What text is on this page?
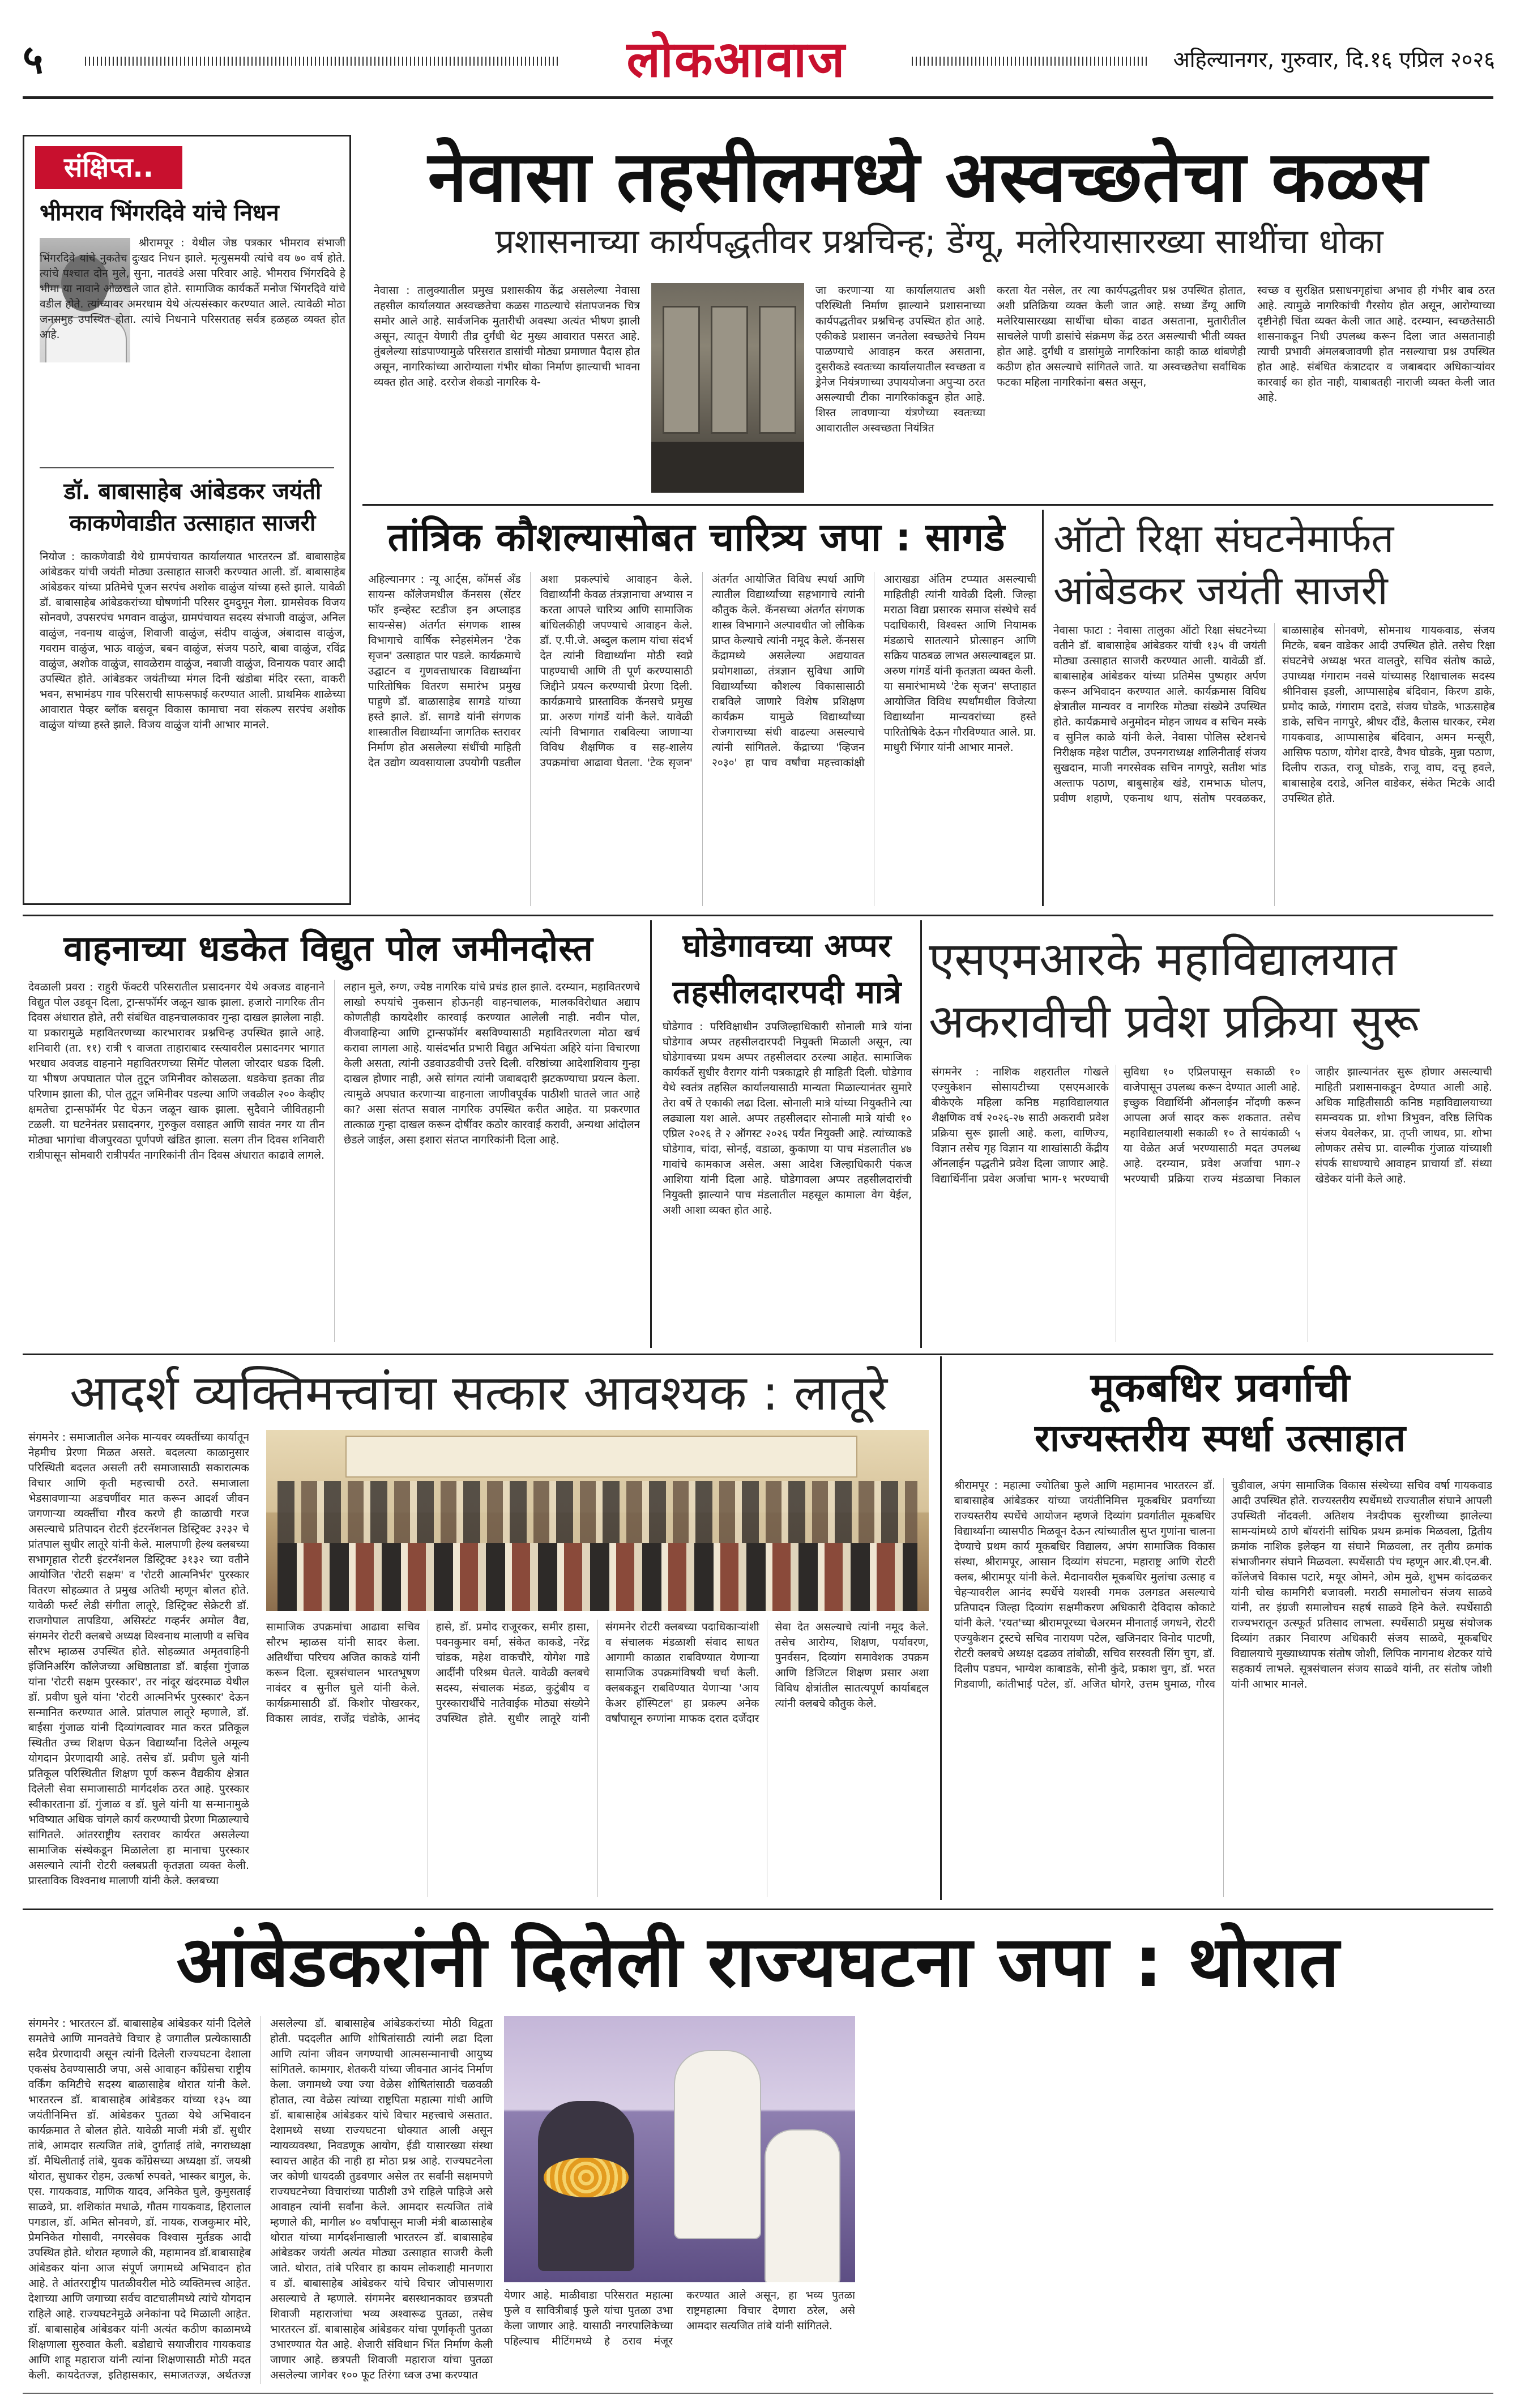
५	लोकआवाज	अहिल्यानगर, गुरुवार, दि.१६ एप्रिल २०२६
संक्षिप्त..
भीमराव भिंगरदिवे यांचे निधन
श्रीरामपूर : येथील जेष्ठ पत्रकार भीमराव संभाजी भिंगरदिवे यांचे नुकतेच दुःखद निधन झाले. मृत्युसमयी त्यांचे वय ७० वर्ष होते. त्यांचे पश्चात दोन मुले, सुना, नातवंडे असा परिवार आहे. भीमराव भिंगरदिवे हे भीमा या नावाने ओळखले जात होते. सामाजिक कार्यकर्ते मनोज भिंगरदिवे यांचे वडील होते. त्यांच्यावर अमरधाम येथे अंत्यसंस्कार करण्यात आले. त्यावेळी मोठा जनसमुह उपस्थित होता. त्यांचे निधनाने परिसरातह सर्वत्र हळहळ व्यक्त होत आहे.
डॉ. बाबासाहेब आंबेडकर जयंती काकणेवाडीत उत्साहात साजरी
नियोज : काकणेवाडी येथे ग्रामपंचायत कार्यालयात भारतरत्न डॉ. बाबासाहेब आंबेडकर यांची जयंती मोठ्या उत्साहात साजरी करण्यात आली. डॉ. बाबासाहेब आंबेडकर यांच्या प्रतिमेचे पूजन सरपंच अशोक वाळुंज यांच्या हस्ते झाले. यावेळी डॉ. बाबासाहेब आंबेडकरांच्या घोषणांनी परिसर दुमदुमून गेला. ग्रामसेवक विजय सोनवणे, उपसरपंच भगवान वाळुंज, ग्रामपंचायत सदस्य संभाजी वाळुंज, अनिल वाळुंज, नवनाथ वाळुंज, शिवाजी वाळुंज, संदीप वाळुंज, अंबादास वाळुंज, गवराम वाळुंज, भाऊ वाळुंज, बबन वाळुंज, संजय पठारे, बाबा वाळुंज, रविंद्र वाळुंज, अशोक वाळुंज, सावळेराम वाळुंज, नबाजी वाळुंज, विनायक पवार आदी उपस्थित होते. आंबेडकर जयंतीच्या मंगल दिनी खंडोबा मंदिर रस्ता, वाकरी भवन, सभामंडप गाव परिसराची साफसफाई करण्यात आली. प्राथमिक शाळेच्या आवारात पेव्हर ब्लॉक बसवून विकास कामाचा नवा संकल्प सरपंच अशोक वाळुंज यांच्या हस्ते झाले. विजय वाळुंज यांनी आभार मानले.
नेवासा तहसीलमध्ये अस्वच्छतेचा कळस
प्रशासनाच्या कार्यपद्धतीवर प्रश्नचिन्ह; डेंग्यू, मलेरियासारख्या साथींचा धोका
नेवासा : तालुक्यातील प्रमुख प्रशासकीय केंद्र असलेल्या नेवासा तहसील कार्यालयात अस्वच्छतेचा कळस गाठल्याचे संतापजनक चित्र समोर आले आहे. सार्वजनिक मुतारीची अवस्था अत्यंत भीषण झाली असून, त्यातून येणारी तीव्र दुर्गंधी थेट मुख्य आवारात पसरत आहे. तुंबलेल्या सांडपाण्यामुळे परिसरात डासांची मोठ्या प्रमाणात पैदास होत असून, नागरिकांच्या आरोग्याला गंभीर धोका निर्माण झाल्याची भावना व्यक्त होत आहे. दररोज शेकडो नागरिक ये-
जा करणाऱ्या या कार्यालयातच अशी परिस्थिती निर्माण झाल्याने प्रशासनाच्या कार्यपद्धतीवर प्रश्नचिन्ह उपस्थित होत आहे. एकीकडे प्रशासन जनतेला स्वच्छतेचे नियम पाळण्याचे आवाहन करत असताना, दुसरीकडे स्वतःच्या कार्यालयातील स्वच्छता व ड्रेनेज नियंत्रणाच्या उपाययोजना अपुऱ्या ठरत असल्याची टीका नागरिकांकडून होत आहे. शिस्त लावणाऱ्या यंत्रणेच्या स्वतःच्या आवारातील अस्वच्छता नियंत्रित
करता येत नसेल, तर त्या कार्यपद्धतीवर प्रश्न उपस्थित होतात, अशी प्रतिक्रिया व्यक्त केली जात आहे. सध्या डेंग्यू आणि मलेरियासारख्या साथींचा धोका वाढत असताना, मुतारीतील साचलेले पाणी डासांचे संक्रमण केंद्र ठरत असल्याची भीती व्यक्त होत आहे. दुर्गंधी व डासांमुळे नागरिकांना काही काळ थांबणेही कठीण होत असल्याचे सांगितले जाते. या अस्वच्छतेचा सर्वाधिक फटका महिला नागरिकांना बसत असून,
स्वच्छ व सुरक्षित प्रसाधनगृहांचा अभाव ही गंभीर बाब ठरत आहे. त्यामुळे नागरिकांची गैरसोय होत असून, आरोग्याच्या दृष्टीनेही चिंता व्यक्त केली जात आहे. दरम्यान, स्वच्छतेसाठी शासनाकडून निधी उपलब्ध करून दिला जात असतानाही त्याची प्रभावी अंमलबजावणी होत नसल्याचा प्रश्न उपस्थित होत आहे. संबंधित कंत्राटदार व जबाबदार अधिकाऱ्यांवर कारवाई का होत नाही, याबाबतही नाराजी व्यक्त केली जात आहे.
तांत्रिक कौशल्यासोबत चारित्र्य जपा : सागडे
अहिल्यानगर : न्यू आर्ट्स, कॉमर्स अँड सायन्स कॉलेजमधील कॅनसस (सेंटर फॉर इन्व्हेस्ट स्टडीज इन अप्लाइड सायन्सेस) अंतर्गत संगणक शास्त्र विभागाचे वार्षिक स्नेहसंमेलन 'टेक सृजन' उत्साहात पार पडले. कार्यक्रमाचे उद्घाटन व गुणवत्ताधारक विद्यार्थ्यांना पारितोषिक वितरण समारंभ प्रमुख पाहुणे डॉ. बाळासाहेब सागडे यांच्या हस्ते झाले. डॉ. सागडे यांनी संगणक शास्त्रातील विद्यार्थ्यांना जागतिक स्तरावर निर्माण होत असलेल्या संधींची माहिती देत उद्योग व्यवसायाला उपयोगी पडतील अशा प्रकल्पांचे आवाहन केले. विद्यार्थ्यांनी केवळ तंत्रज्ञानाचा अभ्यास न करता आपले चारित्र्य आणि सामाजिक बांधिलकीही जपण्याचे आवाहन केले. डॉ. ए.पी.जे. अब्दुल कलाम यांचा संदर्भ देत त्यांनी विद्यार्थ्यांना मोठी स्वप्ने पाहण्याची आणि ती पूर्ण करण्यासाठी जिद्दीने प्रयत्न करण्याची प्रेरणा दिली. कार्यक्रमाचे प्रास्ताविक कॅनसचे प्रमुख प्रा. अरुण गांगर्डे यांनी केले. यावेळी त्यांनी विभागात राबविल्या जाणाऱ्या विविध शैक्षणिक व सह-शालेय उपक्रमांचा आढावा घेतला. 'टेक सृजन' अंतर्गत आयोजित विविध स्पर्धा आणि त्यातील विद्यार्थ्यांच्या सहभागाचे त्यांनी कौतुक केले. कॅनसच्या अंतर्गत संगणक शास्त्र विभागाने अल्पावधीत जो लौकिक प्राप्त केल्याचे त्यांनी नमूद केले. कॅनसस केंद्रामध्ये असलेल्या अद्ययावत प्रयोगशाळा, तंत्रज्ञान सुविधा आणि विद्यार्थ्यांच्या कौशल्य विकासासाठी राबविले जाणारे विशेष प्रशिक्षण कार्यक्रम यामुळे विद्यार्थ्यांच्या रोजगाराच्या संधी वाढल्या असल्याचे त्यांनी सांगितले. केंद्राच्या 'व्हिजन २०३०' हा पाच वर्षांचा महत्त्वाकांक्षी आराखडा अंतिम टप्प्यात असल्याची माहितीही त्यांनी यावेळी दिली. जिल्हा मराठा विद्या प्रसारक समाज संस्थेचे सर्व पदाधिकारी, विश्वस्त आणि नियामक मंडळाचे सातत्याने प्रोत्साहन आणि सक्रिय पाठबळ लाभत असल्याबद्दल प्रा. अरुण गांगर्डे यांनी कृतज्ञता व्यक्त केली. या समारंभामध्ये 'टेक सृजन' सप्ताहात आयोजित विविध स्पर्धांमधील विजेत्या विद्यार्थ्यांना मान्यवरांच्या हस्ते पारितोषिके देऊन गौरविण्यात आले. प्रा. माधुरी भिंगार यांनी आभार मानले.
ऑटो रिक्षा संघटनेमार्फत आंबेडकर जयंती साजरी
नेवासा फाटा : नेवासा तालुका ऑटो रिक्षा संघटनेच्या वतीने डॉ. बाबासाहेब आंबेडकर यांची १३५ वी जयंती मोठ्या उत्साहात साजरी करण्यात आली. यावेळी डॉ. बाबासाहेब आंबेडकर यांच्या प्रतिमेस पुष्पहार अर्पण करून अभिवादन करण्यात आले. कार्यक्रमास विविध क्षेत्रातील मान्यवर व नागरिक मोठ्या संख्येने उपस्थित होते. कार्यक्रमाचे अनुमोदन मोहन जाधव व सचिन मस्के व सुनिल काळे यांनी केले. नेवासा पोलिस स्टेशनचे निरीक्षक महेश पाटील, उपनगराध्यक्ष शालिनीताई संजय सुखदान, माजी नगरसेवक सचिन नागपुरे, सतीश भांड अल्ताफ पठाण, बाबुसाहेब खंडे, रामभाऊ घोलप, प्रवीण शहाणे, एकनाथ थाप, संतोष परवळकर, बाळासाहेब सोनवणे, सोमनाथ गायकवाड, संजय मिटके, बबन वाडेकर आदी उपस्थित होते. तसेच रिक्षा संघटनेचे अध्यक्ष भरत वालतुरे, सचिव संतोष काळे, उपाध्यक्ष गंगाराम नवसे यांच्यासह रिक्षाचालक सदस्य श्रीनिवास इडली, आप्पासाहेब बंदिवान, किरण डाके, प्रमोद काळे, गंगाराम दराडे, संजय घोडके, भाऊसाहेब डाके, सचिन नागपुरे, श्रीधर दौंडे, कैलास धारकर, रमेश गायकवाड, आप्पासाहेब बंदिवान, अमन मन्सूरी, आसिफ पठाण, योगेश दारडे, वैभव घोडके, मुन्ना पठाण, दिलीप राऊत, राजू घोडके, राजू वाघ, दत्तू हवले, बाबासाहेब दराडे, अनिल वाडेकर, संकेत मिटके आदी उपस्थित होते.
वाहनाच्या धडकेत विद्युत पोल जमीनदोस्त
देवळाली प्रवरा : राहुरी फॅक्टरी परिसरातील प्रसादनगर येथे अवजड वाहनाने विद्युत पोल उडवून दिला, ट्रान्सफॉर्मर जळून खाक झाला. हजारो नागरिक तीन दिवस अंधारात होते, तरी संबंधित वाहनचालकावर गुन्हा दाखल झालेला नाही. या प्रकारामुळे महावितरणच्या कारभारावर प्रश्नचिन्ह उपस्थित झाले आहे. शनिवारी (ता. ११) रात्री ९ वाजता ताहाराबाद रस्त्यावरील प्रसादनगर भागात भरधाव अवजड वाहनाने महावितरणच्या सिमेंट पोलला जोरदार धडक दिली. या भीषण अपघातात पोल तुटून जमिनीवर कोसळला. धडकेचा इतका तीव्र परिणाम झाला की, पोल तुटून जमिनीवर पडल्या आणि जवळील २०० केव्हीए क्षमतेचा ट्रान्सफॉर्मर पेट घेऊन जळून खाक झाला. सुदैवाने जीवितहानी टळली. या घटनेनंतर प्रसादनगर, गुरुकुल वसाहत आणि सावंत नगर या तीन मोठ्या भागांचा वीजपुरवठा पूर्णपणे खंडित झाला. सलग तीन दिवस शनिवारी रात्रीपासून सोमवारी रात्रीपर्यंत नागरिकांनी तीन दिवस अंधारात काढावे लागले. लहान मुले, रुग्ण, ज्येष्ठ नागरिक यांचे प्रचंड हाल झाले. दरम्यान, महावितरणचे लाखो रुपयांचे नुकसान होऊनही वाहनचालक, मालकविरोधात अद्याप कोणतीही कायदेशीर कारवाई करण्यात आलेली नाही. नवीन पोल, वीजवाहिन्या आणि ट्रान्सफॉर्मर बसविण्यासाठी महावितरणला मोठा खर्च करावा लागला आहे. यासंदर्भात प्रभारी विद्युत अभियंता अहिरे यांना विचारणा केली असता, त्यांनी उडवाउडवीची उत्तरे दिली. वरिष्ठांच्या आदेशाशिवाय गुन्हा दाखल होणार नाही, असे सांगत त्यांनी जबाबदारी झटकण्याचा प्रयत्न केला. त्यामुळे अपघात करणाऱ्या वाहनाला जाणीवपूर्वक पाठीशी घातले जात आहे का? असा संतप्त सवाल नागरिक उपस्थित करीत आहेत. या प्रकरणात तात्काळ गुन्हा दाखल करून दोषींवर कठोर कारवाई करावी, अन्यथा आंदोलन छेडले जाईल, असा इशारा संतप्त नागरिकांनी दिला आहे.
घोडेगावच्या अप्पर तहसीलदारपदी मात्रे
घोडेगाव : परिविक्षाधीन उपजिल्हाधिकारी सोनाली मात्रे यांना घोडेगाव अप्पर तहसीलदारपदी नियुक्ती मिळाली असून, त्या घोडेगावच्या प्रथम अप्पर तहसीलदार ठरल्या आहेत. सामाजिक कार्यकर्ते सुधीर वैरागर यांनी पत्रकाद्वारे ही माहिती दिली. घोडेगाव येथे स्वतंत्र तहसिल कार्यालयासाठी मान्यता मिळाल्यानंतर सुमारे तेरा वर्षे ते एकाकी लढा दिला. सोनाली मात्रे यांच्या नियुक्तीने त्या लढ्याला यश आले. अप्पर तहसीलदार सोनाली मात्रे यांची १० एप्रिल २०२६ ते २ ऑगस्ट २०२६ पर्यंत नियुक्ती आहे. त्यांच्याकडे घोडेगाव, चांदा, सोनई, वडाळा, कुकाणा या पाच मंडलातील ४७ गावांचे कामकाज असेल. असा आदेश जिल्हाधिकारी पंकज आशिया यांनी दिला आहे. घोडेगावला अप्पर तहसीलदारांची नियुक्ती झाल्याने पाच मंडलातील महसूल कामाला वेग येईल, अशी आशा व्यक्त होत आहे.
एसएमआरके महाविद्यालयात अकरावीची प्रवेश प्रक्रिया सुरू
संगमनेर : नाशिक शहरातील गोखले एज्युकेशन सोसायटीच्या एसएमआरके बीकेएके महिला कनिष्ठ महाविद्यालयात शैक्षणिक वर्ष २०२६-२७ साठी अकरावी प्रवेश प्रक्रिया सुरू झाली आहे. कला, वाणिज्य, विज्ञान तसेच गृह विज्ञान या शाखांसाठी केंद्रीय ऑनलाईन पद्धतीने प्रवेश दिला जाणार आहे. विद्यार्थिनींना प्रवेश अर्जाचा भाग-१ भरण्याची सुविधा १० एप्रिलपासून सकाळी १० वाजेपासून उपलब्ध करून देण्यात आली आहे. इच्छुक विद्यार्थिनी ऑनलाईन नोंदणी करून आपला अर्ज सादर करू शकतात. तसेच महाविद्यालयाशी सकाळी १० ते सायंकाळी ५ या वेळेत अर्ज भरण्यासाठी मदत उपलब्ध आहे. दरम्यान, प्रवेश अर्जाचा भाग-२ भरण्याची प्रक्रिया राज्य मंडळाचा निकाल जाहीर झाल्यानंतर सुरू होणार असल्याची माहिती प्रशासनाकडून देण्यात आली आहे. अधिक माहितीसाठी कनिष्ठ महाविद्यालयाच्या समन्वयक प्रा. शोभा त्रिभुवन, वरिष्ठ लिपिक संजय येवलेकर, प्रा. तृप्ती जाधव, प्रा. शोभा लोणकर तसेच प्रा. वाल्मीक गुंजाळ यांच्याशी संपर्क साधण्याचे आवाहन प्राचार्या डॉ. संध्या खेडेकर यांनी केले आहे.
आदर्श व्यक्तिमत्त्वांचा सत्कार आवश्यक : लातूरे
संगमनेर : समाजातील अनेक मान्यवर व्यक्तींच्या कार्यातून नेहमीच प्रेरणा मिळत असते. बदलत्या काळानुसार परिस्थिती बदलत असली तरी समाजासाठी सकारात्मक विचार आणि कृती महत्त्वाची ठरते. समाजाला भेडसावणाऱ्या अडचणींवर मात करून आदर्श जीवन जगणाऱ्या व्यक्तींचा गौरव करणे ही काळाची गरज असल्याचे प्रतिपादन रोटरी इंटरनॅशनल डिस्ट्रिक्ट ३२३२ चे प्रांतपाल सुधीर लातूरे यांनी केले. मालपाणी हेल्थ क्लबच्या सभागृहात रोटरी इंटरनॅशनल डिस्ट्रिक्ट ३१३२ च्या वतीने आयोजित 'रोटरी सक्षम' व 'रोटरी आत्मनिर्भर' पुरस्कार वितरण सोहळ्यात ते प्रमुख अतिथी म्हणून बोलत होते. यावेळी फर्स्ट लेडी संगीता लातूरे, डिस्ट्रिक्ट सेक्रेटरी डॉ. राजगोपाल तापडिया, असिस्टंट गव्हर्नर अमोल वैद्य, संगमनेर रोटरी क्लबचे अध्यक्ष विश्वनाथ मालाणी व सचिव सौरभ म्हाळस उपस्थित होते. सोहळ्यात अमृतवाहिनी इंजिनिअरिंग कॉलेजच्या अधिष्ठाताडा डॉ. बाईसा गुंजाळ यांना 'रोटरी सक्षम पुरस्कार', तर नांदूर खंदरमाळ येथील डॉ. प्रवीण घुले यांना 'रोटरी आत्मनिर्भर पुरस्कार' देऊन सन्मानित करण्यात आले. प्रांतपाल लातूरे म्हणाले, डॉ. बाईसा गुंजाळ यांनी दिव्यांगत्वावर मात करत प्रतिकूल स्थितीत उच्च शिक्षण घेऊन विद्यार्थ्यांना दिलेले अमूल्य योगदान प्रेरणादायी आहे. तसेच डॉ. प्रवीण घुले यांनी प्रतिकूल परिस्थितीत शिक्षण पूर्ण करून वैद्यकीय क्षेत्रात दिलेली सेवा समाजासाठी मार्गदर्शक ठरत आहे. पुरस्कार स्वीकारताना डॉ. गुंजाळ व डॉ. घुले यांनी या सन्मानामुळे भविष्यात अधिक चांगले कार्य करण्याची प्रेरणा मिळाल्याचे सांगितले. आंतरराष्ट्रीय स्तरावर कार्यरत असलेल्या सामाजिक संस्थेकडून मिळालेला हा मानाचा पुरस्कार असल्याने त्यांनी रोटरी क्लबप्रती कृतज्ञता व्यक्त केली. प्रास्ताविक विश्वनाथ मालाणी यांनी केले. क्लबच्या
सामाजिक उपक्रमांचा आढावा सचिव सौरभ म्हाळस यांनी सादर केला. अतिथींचा परिचय अजित काकडे यांनी करून दिला. सूत्रसंचालन भारतभूषण नावंदर व सुनील घुले यांनी केले. कार्यक्रमासाठी डॉ. किशोर पोखरकर, विकास लावंड, राजेंद्र चंडोके, आनंद हासे, डॉ. प्रमोद राजूरकर, समीर हासा, पवनकुमार वर्मा, संकेत काकडे, नरेंद्र चांडक, महेश वाकचौरे, योगेश गाडे आदींनी परिश्रम घेतले. यावेळी क्लबचे सदस्य, संचालक मंडळ, कुटुंबीय व पुरस्कारार्थींचे नातेवाईक मोठ्या संख्येने उपस्थित होते. सुधीर लातूरे यांनी संगमनेर रोटरी क्लबच्या पदाधिकाऱ्यांशी व संचालक मंडळाशी संवाद साधत आगामी काळात राबविण्यात येणाऱ्या सामाजिक उपक्रमांविषयी चर्चा केली. क्लबकडून राबविण्यात येणाऱ्या 'आय केअर हॉस्पिटल' हा प्रकल्प अनेक वर्षांपासून रुग्णांना माफक दरात दर्जेदार सेवा देत असल्याचे त्यांनी नमूद केले. तसेच आरोग्य, शिक्षण, पर्यावरण, पुनर्वसन, दिव्यांग समावेशक उपक्रम आणि डिजिटल शिक्षण प्रसार अशा विविध क्षेत्रांतील सातत्यपूर्ण कार्याबद्दल त्यांनी क्लबचे कौतुक केले.
मूकबधिर प्रवर्गाची
राज्यस्तरीय स्पर्धा उत्साहात
श्रीरामपूर : महात्मा ज्योतिबा फुले आणि महामानव भारतरत्न डॉ. बाबासाहेब आंबेडकर यांच्या जयंतीनिमित्त मूकबधिर प्रवर्गाच्या राज्यस्तरीय स्पर्धेचे आयोजन म्हणजे दिव्यांग प्रवर्गातील मूकबधिर विद्यार्थ्यांना व्यासपीठ मिळवून देऊन त्यांच्यातील सुप्त गुणांना चालना देण्याचे प्रथम कार्य मूकबधिर विद्यालय, अपंग सामाजिक विकास संस्था, श्रीरामपूर, आसान दिव्यांग संघटना, महाराष्ट्र आणि रोटरी क्लब, श्रीरामपूर यांनी केले. मैदानावरील मूकबधिर मुलांचा उत्साह व चेहऱ्यावरील आनंद स्पर्धेचे यशस्वी गमक उलगडत असल्याचे प्रतिपादन जिल्हा दिव्यांग सक्षमीकरण अधिकारी देविदास कोकाटे यांनी केले. 'रयत'च्या श्रीरामपूरच्या चेअरमन मीनाताई जगधने, रोटरी एज्युकेशन ट्रस्टचे सचिव नारायण पटेल, खजिनदार विनोद पाटणी, रोटरी क्लबचे अध्यक्ष दढळव तांबोळी, सचिव सरस्वती सिंग चुग, डॉ. दिलीप पडघन, भाग्येश काबाडके, सोनी कुंदे, प्रकाश चुग, डॉ. भरत गिडवाणी, कांतीभाई पटेल, डॉ. अजित घोगरे, उत्तम घुमाळ, गौरव चुडीवाल, अपंग सामाजिक विकास संस्थेच्या सचिव वर्षा गायकवाड आदी उपस्थित होते. राज्यस्तरीय स्पर्धेमध्ये राज्यातील संघाने आपली उपस्थिती नोंदवली. अतिशय नेत्रदीपक सुरशीच्या झालेल्या सामन्यांमध्ये ठाणे बॉयरांनी सांघिक प्रथम क्रमांक मिळवला, द्वितीय क्रमांक नाशिक इलेव्हन या संघाने मिळवला, तर तृतीय क्रमांक संभाजीनगर संघाने मिळवला. स्पर्धेसाठी पंच म्हणून आर.बी.एन.बी. कॉलेजचे विकास पटारे, मयूर ओमने, ओम मुळे, शुभम कांदळकर यांनी चोख कामगिरी बजावली. मराठी समालोचन संजय साळवे यांनी, तर इंग्रजी समालोचन सहर्ष साळवे हिने केले. स्पर्धेसाठी राज्यभरातून उत्स्फूर्त प्रतिसाद लाभला. स्पर्धेसाठी प्रमुख संयोजक दिव्यांग तक्रार निवारण अधिकारी संजय साळवे, मूकबधिर विद्यालयाचे मुख्याध्यापक संतोष जोशी, लिपिक नागनाथ शेटकर यांचे सहकार्य लाभले. सूत्रसंचालन संजय साळवे यांनी, तर संतोष जोशी यांनी आभार मानले.
आंबेडकरांनी दिलेली राज्यघटना जपा : थोरात
संगमनेर : भारतरत्न डॉ. बाबासाहेब आंबेडकर यांनी दिलेले समतेचे आणि मानवतेचे विचार हे जगातील प्रत्येकासाठी सदैव प्रेरणादायी असून त्यांनी दिलेली राज्यघटना देशाला एकसंघ ठेवण्यासाठी जपा, असे आवाहन काँग्रेसचा राष्ट्रीय वर्किंग कमिटीचे सदस्य बाळासाहेब थोरात यांनी केले. भारतरत्न डॉ. बाबासाहेब आंबेडकर यांच्या १३५ व्या जयंतीनिमित्त डॉ. आंबेडकर पुतळा येथे अभिवादन कार्यक्रमात ते बोलत होते. यावेळी माजी मंत्री डॉ. सुधीर तांबे, आमदार सत्यजित तांबे, दुर्गाताई तांबे, नगराध्यक्षा डॉ. मैथिलीताई तांबे, युवक काँग्रेसच्या अध्यक्षा डॉ. जयश्री थोरात, सुधाकर रोहम, उत्कर्षा रुपवते, भास्कर बागुल, के. एस. गायकवाड, माणिक यादव, अनिकेत घुले, कुमुसताई साळवे, प्रा. शशिकांत मधाळे, गौतम गायकवाड, हिरालाल पगडाल, डॉ. अमित सोनवणे, डॉ. नायक, राजकुमार मोरे, प्रेमनिकेत गोसावी, नगरसेवक विश्वास मुर्तडक आदी उपस्थित होते. थोरात म्हणाले की, महामानव डॉ.बाबासाहेब आंबेडकर यांना आज संपूर्ण जगामध्ये अभिवादन होत आहे. ते आंतरराष्ट्रीय पातळीवरील मोठे व्यक्तिमत्त्व आहेत. देशाच्या आणि जगाच्या सर्वच वाटचालीमध्ये त्यांचे योगदान राहिले आहे. राज्यघटनेमुळे अनेकांना पदे मिळाली आहेत. डॉ. बाबासाहेब आंबेडकर यांनी अत्यंत कठीण काळामध्ये शिक्षणाला सुरुवात केली. बडोद्याचे सयाजीराव गायकवाड आणि शाहू महाराज यांनी त्यांना शिक्षणासाठी मोठी मदत केली. कायदेतज्ज्ञ, इतिहासकार, समाजतज्ज्ञ, अर्थतज्ज्ञ असलेल्या डॉ. बाबासाहेब आंबेडकरांच्या मोठी विद्वता होती. पददलीत आणि शोषितांसाठी त्यांनी लढा दिला आणि त्यांना जीवन जगण्याची आत्मसन्मानाची आयुष्य सांगितले. कामगार, शेतकरी यांच्या जीवनात आनंद निर्माण केला. जगामध्ये ज्या ज्या वेळेस शोषितांसाठी चळवळी होतात, त्या वेळेस त्यांच्या राष्ट्रपिता महात्मा गांधी आणि डॉ. बाबासाहेब आंबेडकर यांचे विचार महत्त्वाचे असतात. देशामध्ये सध्या राज्यघटना धोक्यात आली असून न्यायव्यवस्था, निवडणूक आयोग, ईडी यासारख्या संस्था स्वायत्त आहेत की नाही हा मोठा प्रश्न आहे. राज्यघटनेला जर कोणी धायदळी तुडवणार असेल तर सर्वांनी सक्षमपणे राज्यघटनेच्या विचारांच्या पाठीशी उभे राहिले पाहिजे असे आवाहन त्यांनी सर्वांना केले. आमदार सत्यजित तांबे म्हणाले की, मागील ४० वर्षांपासून माजी मंत्री बाळासाहेब थोरात यांच्या मार्गदर्शनाखाली भारतरत्न डॉ. बाबासाहेब आंबेडकर जयंती अत्यंत मोठ्या उत्साहात साजरी केली जाते. थोरात, तांबे परिवार हा कायम लोकशाही मानणारा व डॉ. बाबासाहेब आंबेडकर यांचे विचार जोपासणारा असल्याचे ते म्हणाले. संगमनेर बसस्थानकावर छत्रपती शिवाजी महाराजांचा भव्य अश्वारूढ पुतळा, तसेच भारतरत्न डॉ. बाबासाहेब आंबेडकर यांचा पूर्णाकृती पुतळा उभारण्यात येत आहे. शेजारी संविधान भिंत निर्माण केली जाणार आहे. छत्रपती शिवाजी महाराज यांचा पुतळा असलेल्या जागेवर १०० फूट तिरंगा ध्वज उभा करण्यात
येणार आहे. माळीवाडा परिसरात महात्मा फुले व सावित्रीबाई फुले यांचा पुतळा उभा केला जाणार आहे. यासाठी नगरपालिकेच्या पहिल्याच मीटिंगमध्ये हे ठराव मंजूर करण्यात आले असून, हा भव्य पुतळा राष्ट्रमहात्मा विचार देणारा ठरेल, असे आमदार सत्यजित तांबे यांनी सांगितले.
